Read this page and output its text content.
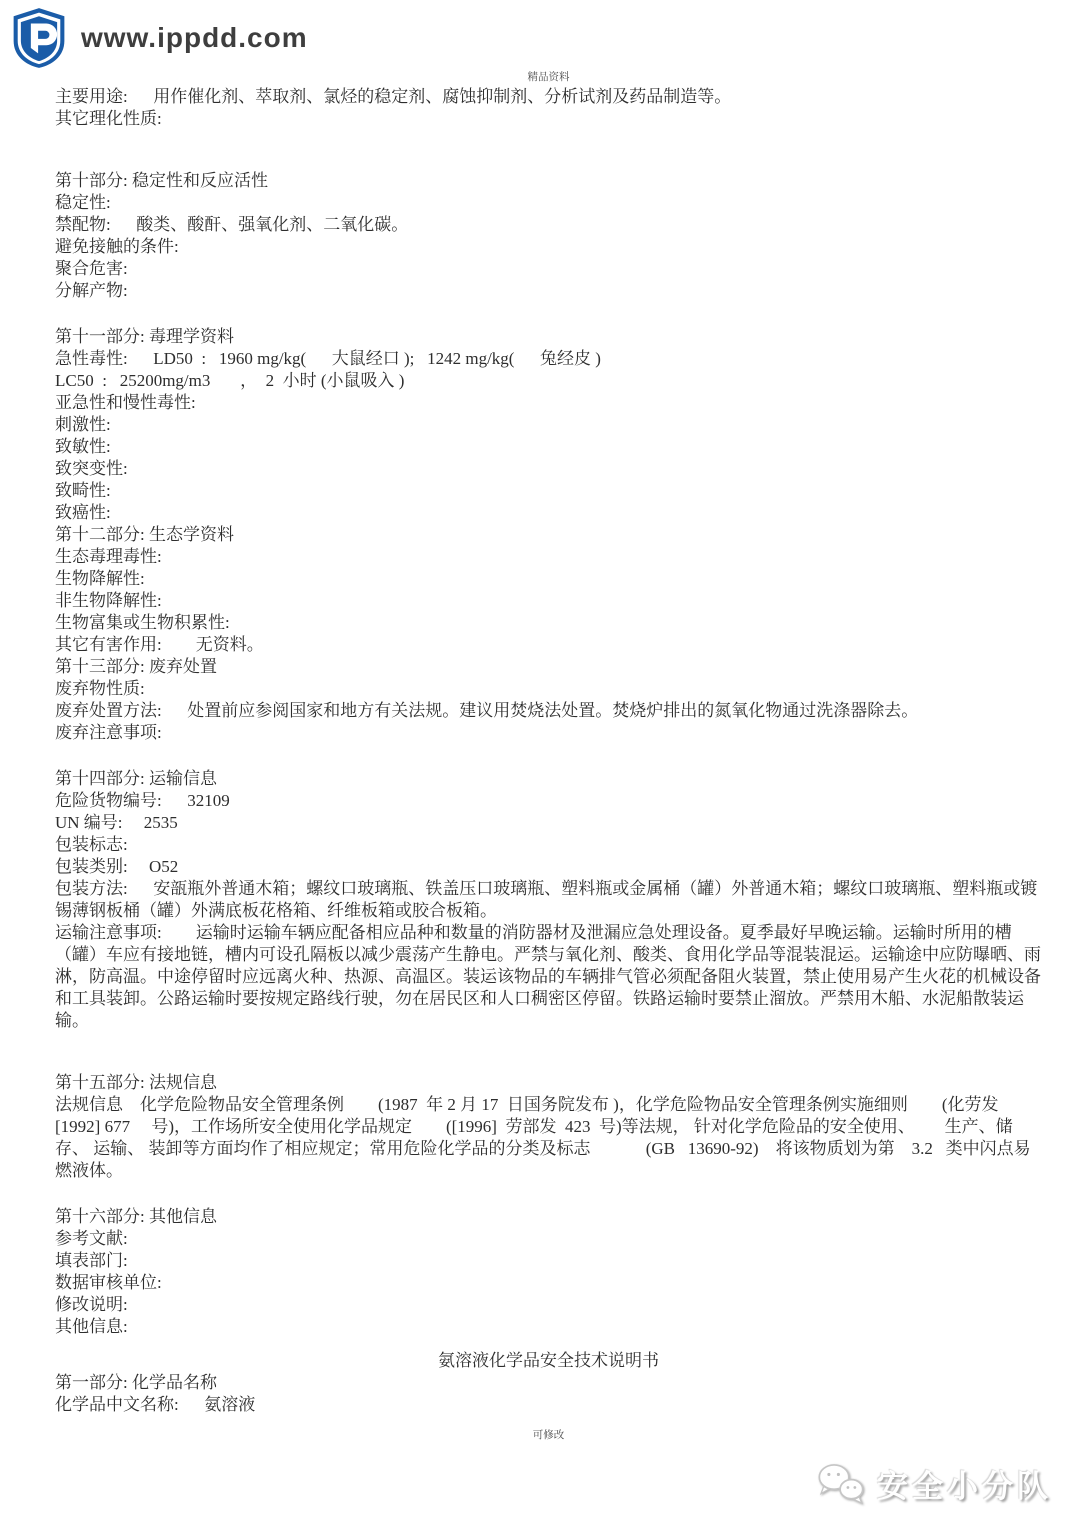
www.ippdd.com
精品资料
主要用途:      用作催化剂、萃取剂、氯烃的稳定剂、腐蚀抑制剂、分析试剂及药品制造等。
其它理化性质:
第十部分: 稳定性和反应活性
稳定性:
禁配物:      酸类、酸酐、强氧化剂、二氧化碳。
避免接触的条件:
聚合危害:
分解产物:
第十一部分: 毒理学资料
急性毒性:      LD50  :   1960 mg/kg(      大鼠经口 );   1242 mg/kg(      兔经皮 )
LC50  :   25200mg/m3       ，  2  小时 (小鼠吸入 )
亚急性和慢性毒性:
刺激性:
致敏性:
致突变性:
致畸性:
致癌性:
第十二部分: 生态学资料
生态毒理毒性:
生物降解性:
非生物降解性:
生物富集或生物积累性:
其它有害作用:        无资料。
第十三部分: 废弃处置
废弃物性质:
废弃处置方法:      处置前应参阅国家和地方有关法规。建议用焚烧法处置。焚烧炉排出的氮氧化物通过洗涤器除去。
废弃注意事项:
第十四部分: 运输信息
危险货物编号:      32109
UN 编号:     2535
包装标志:
包装类别:     O52
包装方法:      安瓿瓶外普通木箱；螺纹口玻璃瓶、铁盖压口玻璃瓶、塑料瓶或金属桶（罐）外普通木箱；螺纹口玻璃瓶、塑料瓶或镀锡薄钢板桶（罐）外满底板花格箱、纤维板箱或胶合板箱。
运输注意事项:        运输时运输车辆应配备相应品种和数量的消防器材及泄漏应急处理设备。夏季最好早晚运输。运输时所用的槽（罐）车应有接地链，槽内可设孔隔板以减少震荡产生静电。严禁与氧化剂、酸类、食用化学品等混装混运。运输途中应防曝晒、雨淋，防高温。中途停留时应远离火种、热源、高温区。装运该物品的车辆排气管必须配备阻火装置，禁止使用易产生火花的机械设备和工具装卸。公路运输时要按规定路线行驶，勿在居民区和人口稠密区停留。铁路运输时要禁止溜放。严禁用木船、水泥船散装运输。
第十五部分: 法规信息
法规信息    化学危险物品安全管理条例        (1987  年 2 月 17  日国务院发布 )，化学危险物品安全管理条例实施细则        (化劳发[1992] 677     号)，工作场所安全使用化学品规定        ([1996]  劳部发  423  号)等法规， 针对化学危险品的安全使用、       生产、储存、 运输、 装卸等方面均作了相应规定；常用危险化学品的分类及标志             (GB   13690-92)    将该物质划为第    3.2   类中闪点易燃液体。
第十六部分: 其他信息
参考文献:
填表部门:
数据审核单位:
修改说明:
其他信息:
氨溶液化学品安全技术说明书
第一部分: 化学品名称
化学品中文名称:      氨溶液
可修改
安全小分队
